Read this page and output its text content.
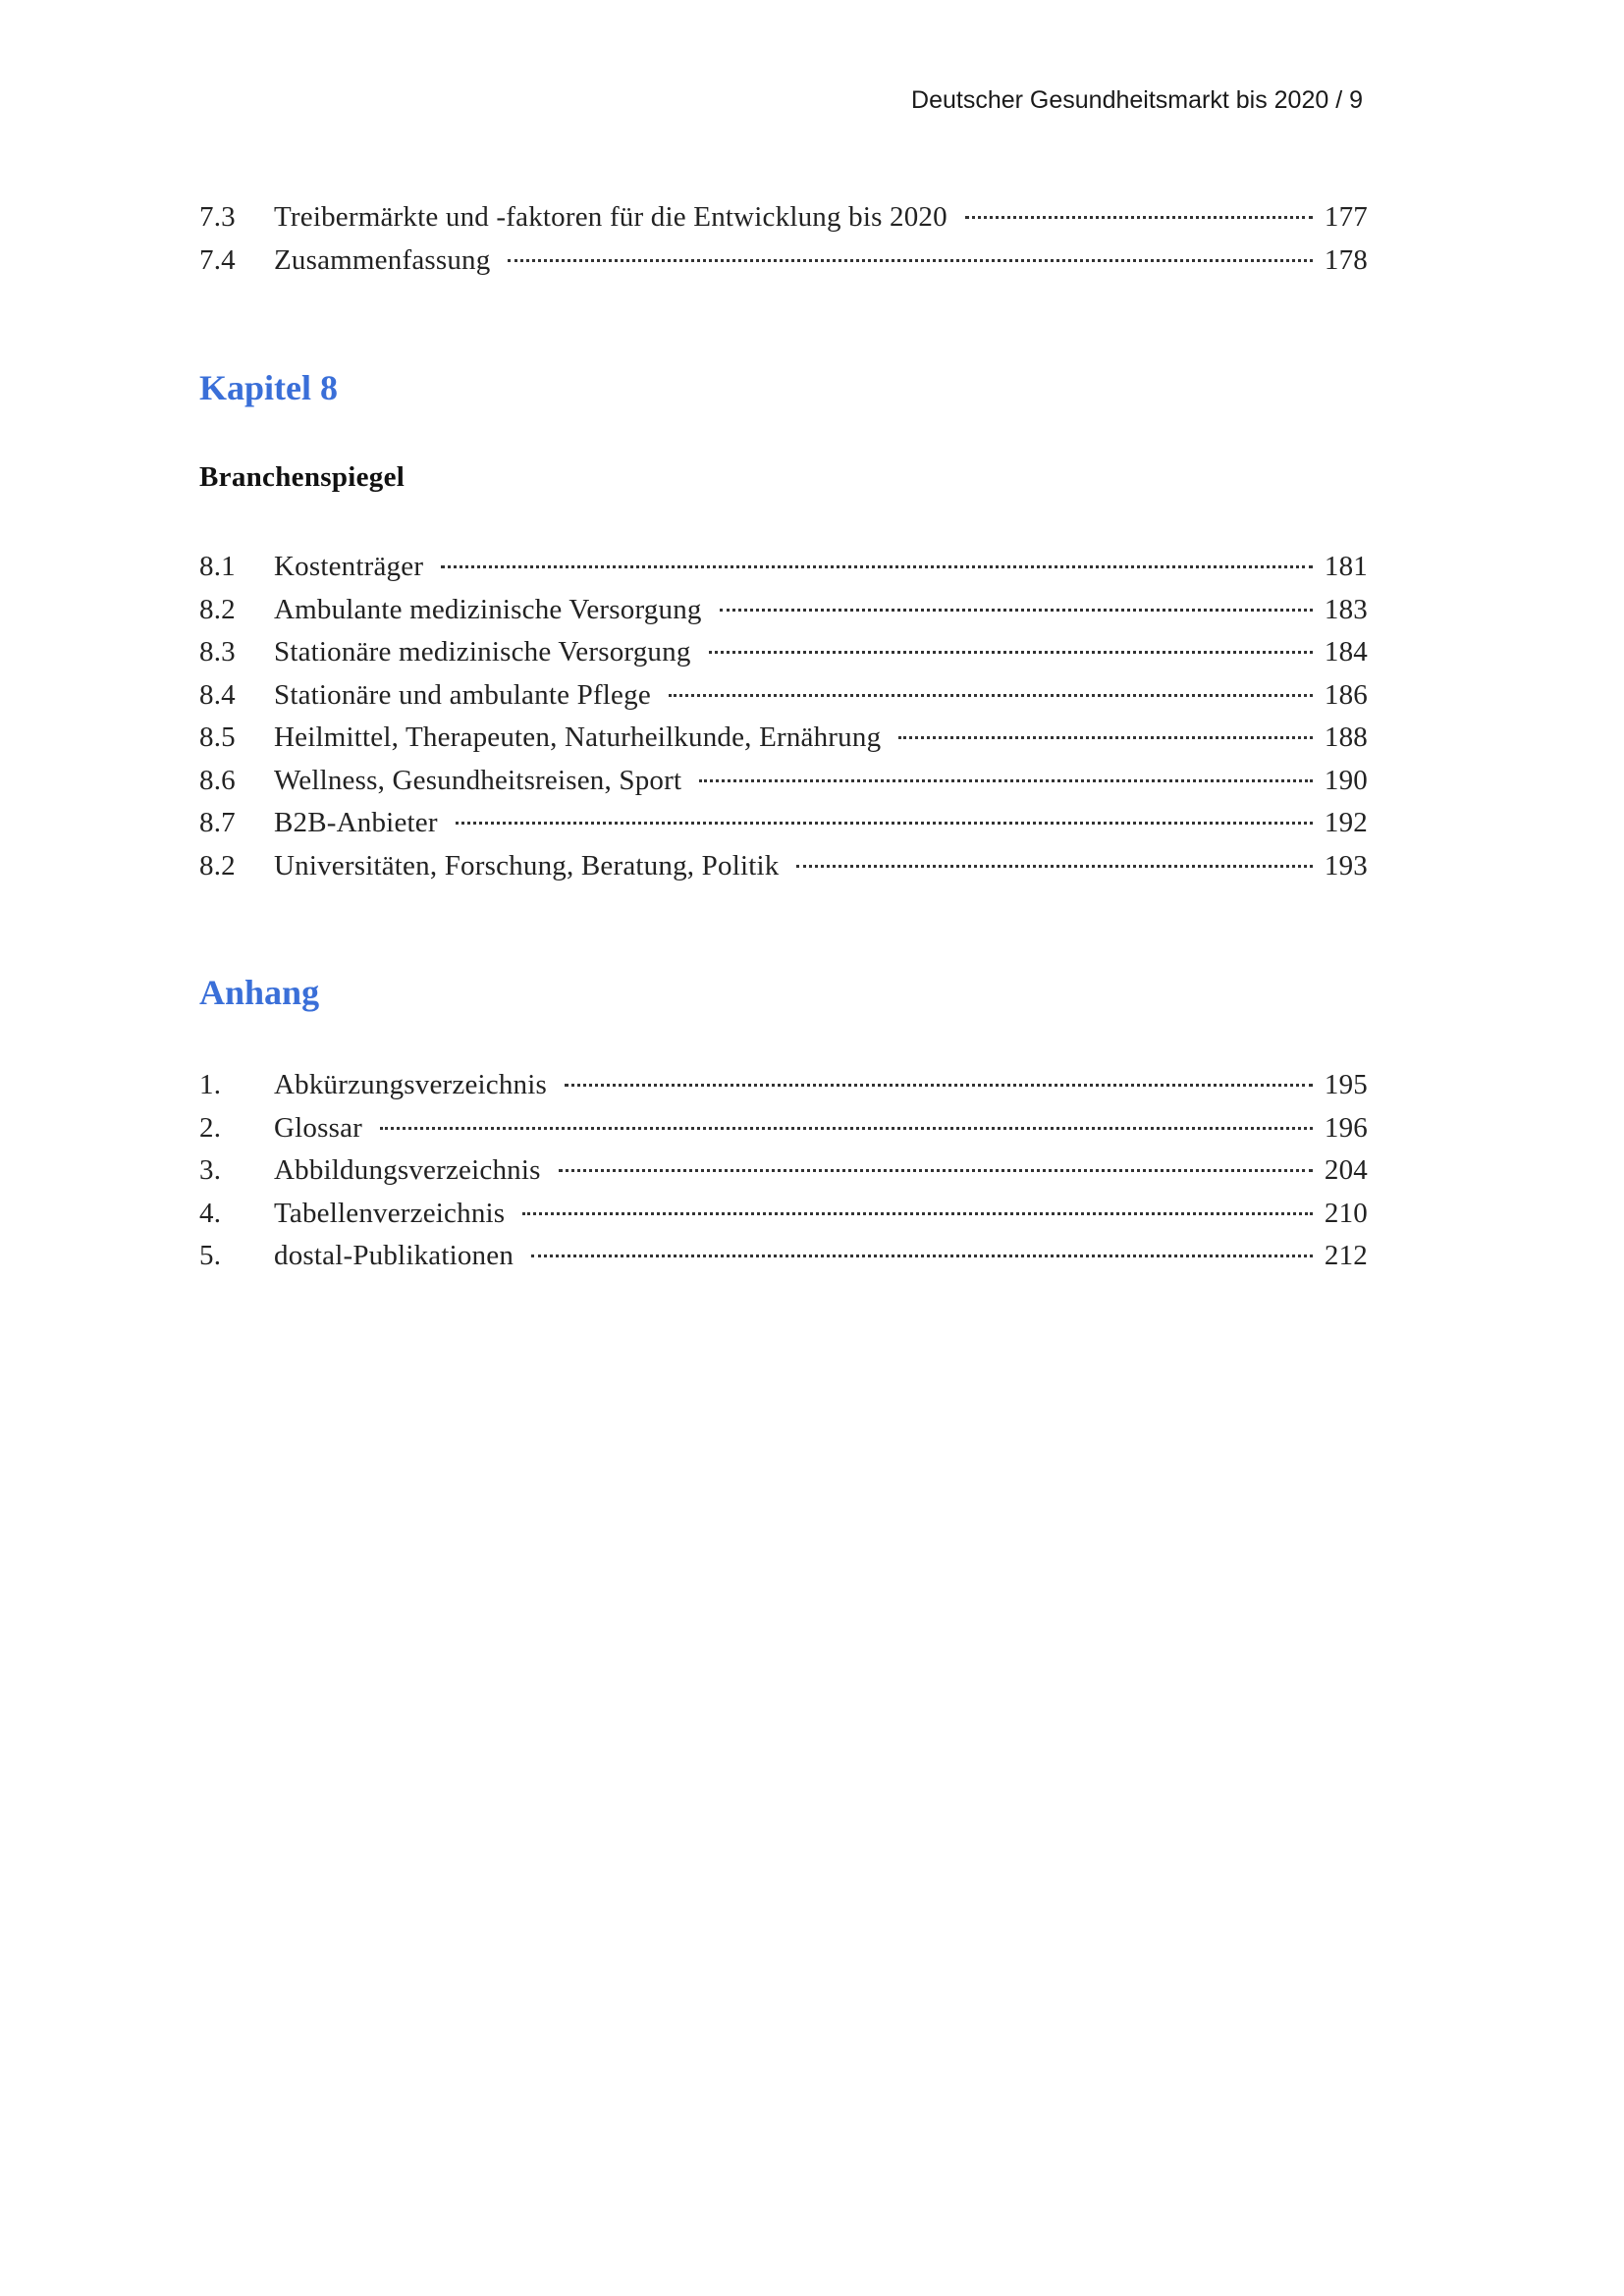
Deutscher Gesundheitsmarkt bis 2020 / 9
7.3	Treibermärkte und -faktoren für die Entwicklung bis 2020	177
7.4	Zusammenfassung	178
Kapitel 8
Branchenspiegel
8.1	Kostenträger	181
8.2	Ambulante medizinische Versorgung	183
8.3	Stationäre medizinische Versorgung	184
8.4	Stationäre und ambulante Pflege	186
8.5	Heilmittel, Therapeuten, Naturheilkunde, Ernährung	188
8.6	Wellness, Gesundheitsreisen, Sport	190
8.7	B2B-Anbieter	192
8.2	Universitäten, Forschung, Beratung, Politik	193
Anhang
1.	Abkürzungsverzeichnis	195
2.	Glossar	196
3.	Abbildungsverzeichnis	204
4.	Tabellenverzeichnis	210
5.	dostal-Publikationen	212
